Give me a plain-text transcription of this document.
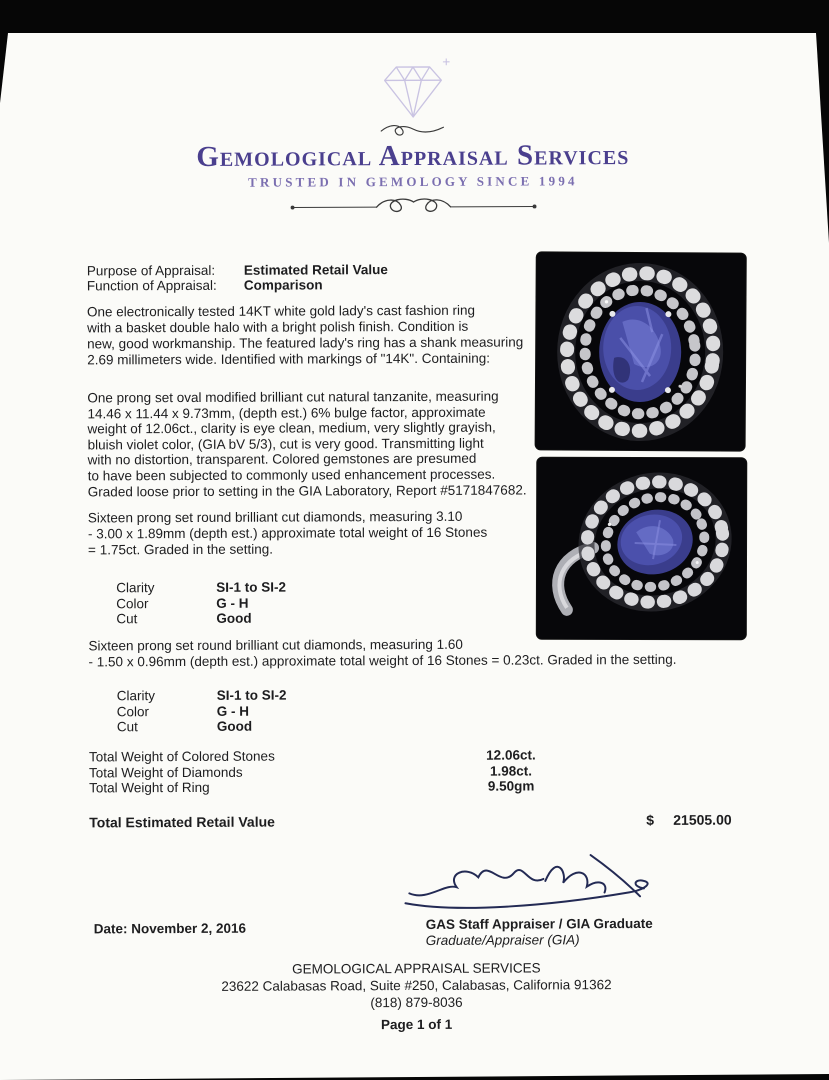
Gemological Appraisal Services
TRUSTED IN GEMOLOGY SINCE 1994
Purpose of Appraisal: Estimated Retail Value
Function of Appraisal: Comparison

One electronically tested 14KT white gold lady's cast fashion ring
with a basket double halo with a bright polish finish. Condition is
new, good workmanship. The featured lady's ring has a shank measuring
2.69 millimeters wide. Identified with markings of "14K". Containing:

One prong set oval modified brilliant cut natural tanzanite, measuring
14.46 x 11.44 x 9.73mm, (depth est.) 6% bulge factor, approximate
weight of 12.06ct., clarity is eye clean, medium, very slightly grayish,
bluish violet color, (GIA bV 5/3), cut is very good. Transmitting light
with no distortion, transparent. Colored gemstones are presumed
to have been subjected to commonly used enhancement processes.
Graded loose prior to setting in the GIA Laboratory, Report #5171847682.

Sixteen prong set round brilliant cut diamonds, measuring 3.10
- 3.00 x 1.89mm (depth est.) approximate total weight of 16 Stones
= 1.75ct. Graded in the setting.

Clarity	SI-1 to SI-2
Color	G - H
Cut	Good

Sixteen prong set round brilliant cut diamonds, measuring 1.60
- 1.50 x 0.96mm (depth est.) approximate total weight of 16 Stones = 0.23ct. Graded in the setting.

Clarity	SI-1 to SI-2
Color	G - H
Cut	Good
Total Weight of Colored Stones	12.06ct.
Total Weight of Diamonds	1.98ct.
Total Weight of Ring	9.50gm
Total Estimated Retail Value	$ 21505.00
Date: November 2, 2016	GAS Staff Appraiser / GIA Graduate
Graduate/Appraiser (GIA)
GEMOLOGICAL APPRAISAL SERVICES
23622 Calabasas Road, Suite #250, Calabasas, California 91362
(818) 879-8036
Page 1 of 1
